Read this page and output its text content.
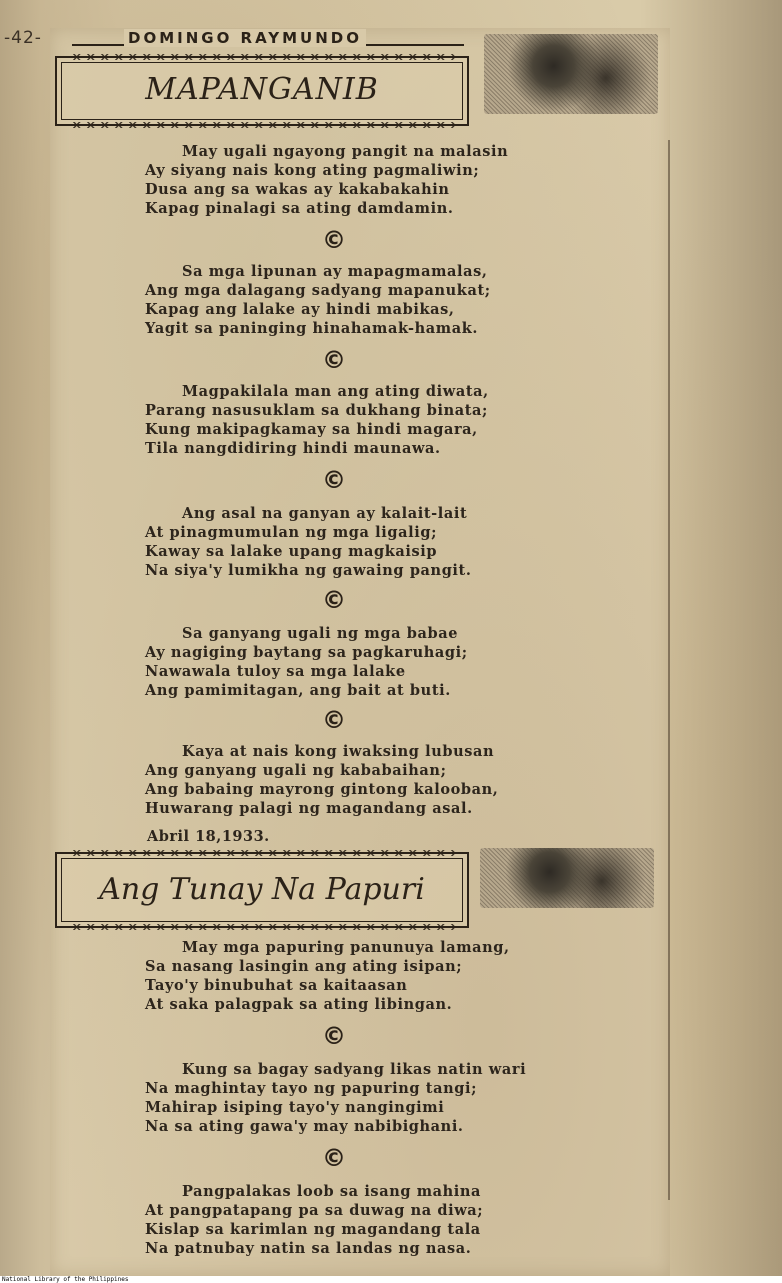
-42-	DOMINGO RAYMUNDO
MAPANGANIB
May ugali ngayong pangit na malasin
Ay siyang nais kong ating pagmaliwin;
Dusa ang sa wakas ay kakabakahin
Kapag pinalagi sa ating damdamin.
©
Sa mga lipunan ay mapagmamalas,
Ang mga dalagang sadyang mapanukat;
Kapag ang lalake ay hindi mabikas,
Yagit sa paninging hinahamak-hamak.
©
Magpakilala man ang ating diwata,
Parang nasusuklam sa dukhang binata;
Kung makipagkamay sa hindi magara,
Tila nangdidiring hindi maunawa.
©
Ang asal na ganyan ay kalait-lait
At pinagmumulan ng mga ligalig;
Kaway sa lalake upang magkaisip
Na siya'y lumikha ng gawaing pangit.
©
Sa ganyang ugali ng mga babae
Ay nagiging baytang sa pagkaruhagi;
Nawawala tuloy sa mga lalake
Ang pamimitagan, ang bait at buti.
©
Kaya at nais kong iwaksing lubusan
Ang ganyang ugali ng kababaihan;
Ang babaing mayrong gintong kalooban,
Huwarang palagi ng magandang asal.
Abril 18,1933.
Ang Tunay Na Papuri
May mga papuring panunuya lamang,
Sa nasang lasingin ang ating isipan;
Tayo'y binubuhat sa kaitaasan
At saka palagpak sa ating libingan.
©
Kung sa bagay sadyang likas natin wari
Na maghintay tayo ng papuring tangi;
Mahirap isiping tayo'y nangingimi
Na sa ating gawa'y may nabibighani.
©
Pangpalakas loob sa isang mahina
At pangpatapang pa sa duwag na diwa;
Kislap sa karimlan ng magandang tala
Na patnubay natin sa landas ng nasa.
National Library of the Philippines
